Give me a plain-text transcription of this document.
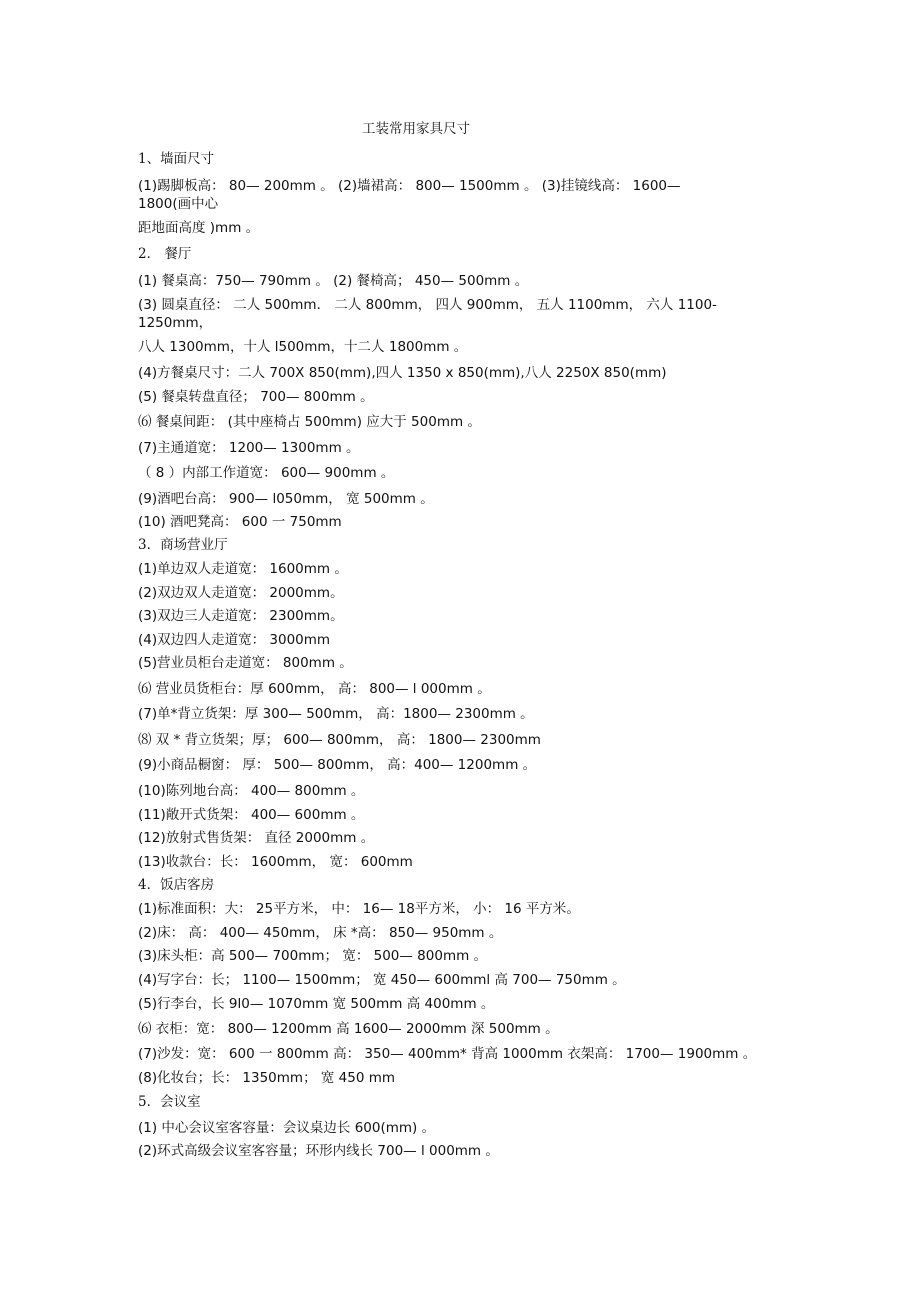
工装常用家具尺寸
1、墙面尺寸
(1)踢脚板高： 80— 200mm 。 (2)墙裙高： 800— 1500mm 。 (3)挂镜线高： 1600—
1800(画中心
距地面高度 )mm 。
2． 餐厅
(1) 餐桌高：750— 790mm 。 (2) 餐椅高； 450— 500mm 。
(3) 圆桌直径： 二人 500mm． 二人 800mm， 四人 900mm， 五人 1100mm， 六人 1100-
1250mm，
八人 1300mm，十人 l500mm，十二人 1800mm 。
(4)方餐桌尺寸：二人 700X 850(mm),四人 1350 x 850(mm),八人 2250X 850(mm)
(5) 餐桌转盘直径； 700— 800mm 。
⑹ 餐桌间距： (其中座椅占 500mm) 应大于 500mm 。
(7)主通道宽： 1200— 1300mm 。
（ 8 ）内部工作道宽： 600— 900mm 。
(9)酒吧台高： 900— l050mm， 宽 500mm 。
(10) 酒吧凳高： 600 一 750mm
3．商场营业厅
(1)单边双人走道宽： 1600mm 。
(2)双边双人走道宽： 2000mm。
(3)双边三人走道宽： 2300mm。
(4)双边四人走道宽： 3000mm
(5)营业员柜台走道宽： 800mm 。
⑹ 营业员货柜台：厚 600mm， 高： 800— l 000mm 。
(7)单*背立货架：厚 300— 500mm， 高：1800— 2300mm 。
⑻ 双 * 背立货架；厚； 600— 800mm， 高： 1800— 2300mm
(9)小商品橱窗： 厚： 500— 800mm， 高：400— 1200mm 。
(10)陈列地台高： 400— 800mm 。
(11)敞开式货架： 400— 600mm 。
(12)放射式售货架： 直径 2000mm 。
(13)收款台：长： 1600mm， 宽： 600mm
4．饭店客房
(1)标准面积：大： 25平方米， 中： 16— 18平方米， 小： 16 平方米。
(2)床： 高： 400— 450mm， 床 *高： 850— 950mm 。
(3)床头柜：高 500— 700mm； 宽： 500— 800mm 。
(4)写字台：长； 1100— 1500mm； 宽 450— 600mml 高 700— 750mm 。
(5)行李台，长 9l0— 1070mm 宽 500mm 高 400mm 。
⑹ 衣柜：宽： 800— 1200mm 高 1600— 2000mm 深 500mm 。
(7)沙发：宽： 600 一 800mm 高： 350— 400mm* 背高 1000mm 衣架高： 1700— 1900mm 。
(8)化妆台；长： 1350mm； 宽 450 mm
5．会议室
(1) 中心会议室客容量：会议桌边长 600(mm) 。
(2)环式高级会议室客容量；环形内线长 700— l 000mm 。
